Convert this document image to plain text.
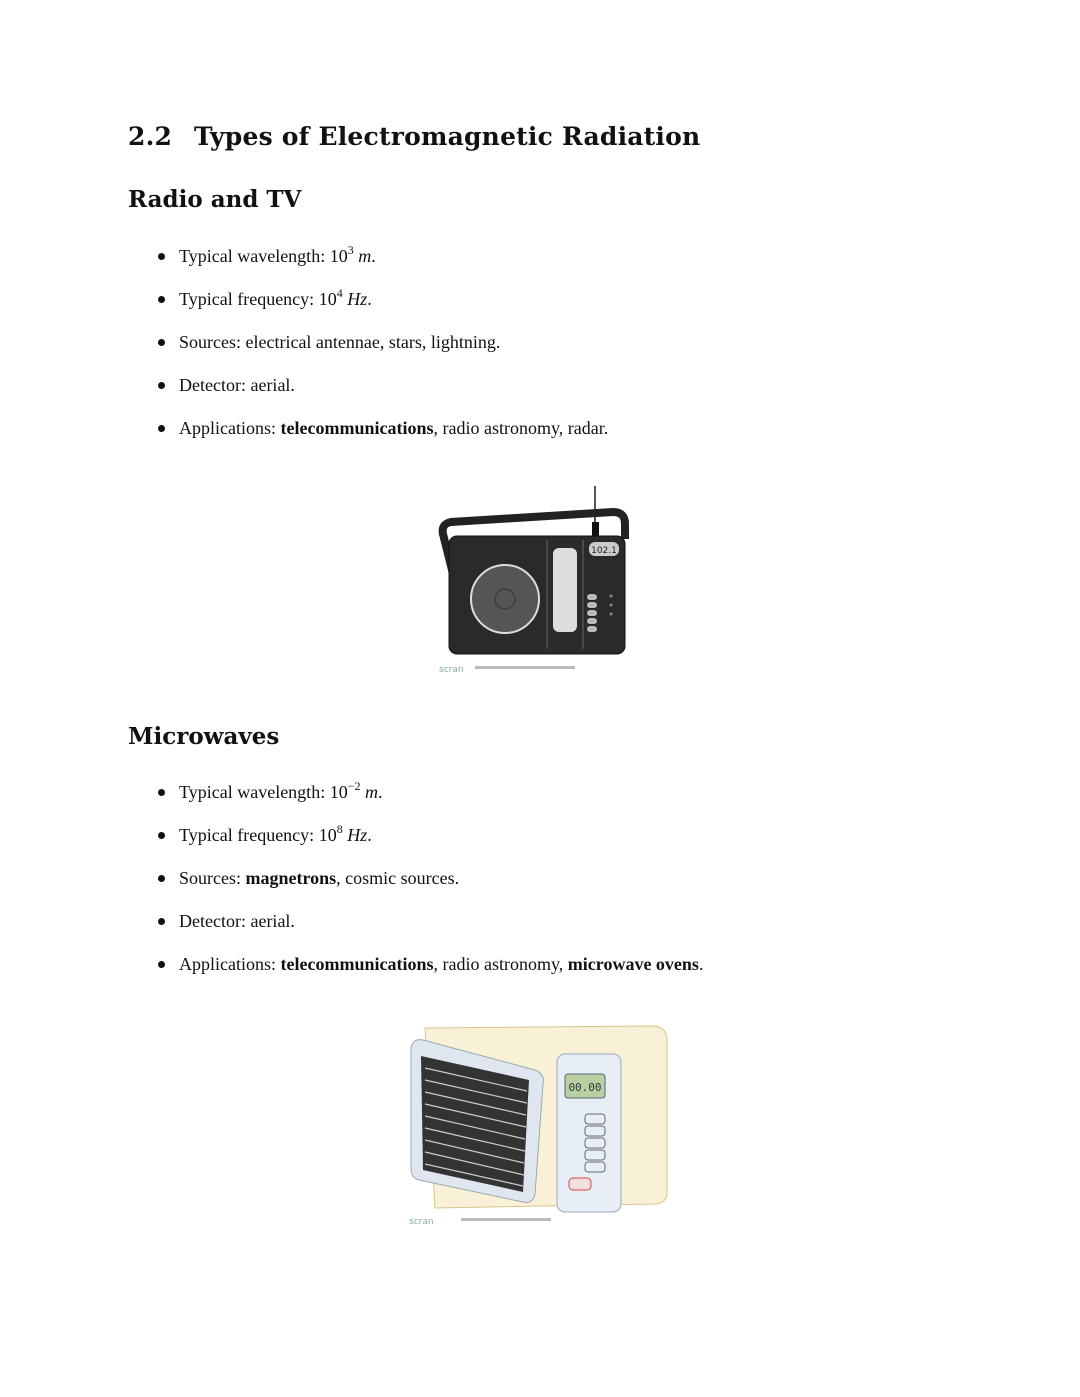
2.2 Types of Electromagnetic Radiation
Radio and TV
Typical wavelength: $10^3$ m.
Typical frequency: $10^4$ Hz.
Sources: electrical antennae, stars, lightning.
Detector: aerial.
Applications: telecommunications, radio astronomy, radar.
102.1
scran
Microwaves
Typical wavelength: $10^{-2}$ m.
Typical frequency: $10^8$ Hz.
Sources: magnetrons, cosmic sources.
Detector: aerial.
Applications: telecommunications, radio astronomy, microwave ovens.
00.00
scran
